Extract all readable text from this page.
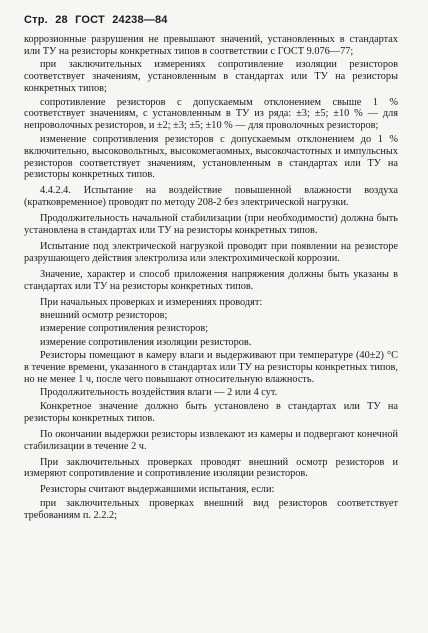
Стр. 28 ГОСТ 24238—84

коррозионные разрушения не превышают значений, установленных в стандартах или ТУ на резисторы конкретных типов в соответствии с ГОСТ 9.076—77;

при заключительных измерениях сопротивление изоляции резисторов соответствует значениям, установленным в стандартах или ТУ на резисторы конкретных типов;

сопротивление резисторов с допускаемым отклонением свыше 1 % соответствует значениям, с установленным в ТУ из ряда: ±3; ±5; ±10 % — для непроволочных резисторов, и ±2; ±3; ±5; ±10 % — для проволочных резисторов;

изменение сопротивления резисторов с допускаемым отклонением до 1 % включительно, высоковольтных, высокомегаомных, высокочастотных и импульсных резисторов соответствует значениям, установленным в стандартах или ТУ на резисторы конкретных типов.

4.4.2.4. Испытание на воздействие повышенной влажности воздуха (кратковременное) проводят по методу 208-2 без электрической нагрузки.

Продолжительность начальной стабилизации (при необходимости) должна быть установлена в стандартах или ТУ на резисторы конкретных типов.

Испытание под электрической нагрузкой проводят при появлении на резисторе разрушающего действия электролиза или электрохимической коррозии.

Значение, характер и способ приложения напряжения должны быть указаны в стандартах или ТУ на резисторы конкретных типов.

При начальных проверках и измерениях проводят:

внешний осмотр резисторов;

измерение сопротивления резисторов;

измерение сопротивления изоляции резисторов.

Резисторы помещают в камеру влаги и выдерживают при температуре (40±2) °С в течение времени, указанного в стандартах или ТУ на резисторы конкретных типов, но не менее 1 ч, после чего повышают относительную влажность.

Продолжительность воздействия влаги — 2 или 4 сут.

Конкретное значение должно быть установлено в стандартах или ТУ на резисторы конкретных типов.

По окончании выдержки резисторы извлекают из камеры и подвергают конечной стабилизации в течение 2 ч.

При заключительных проверках проводят внешний осмотр резисторов и измеряют сопротивление и сопротивление изоляции резисторов.

Резисторы считают выдержавшими испытания, если:

при заключительных проверках внешний вид резисторов соответствует требованиям п. 2.2.2;
